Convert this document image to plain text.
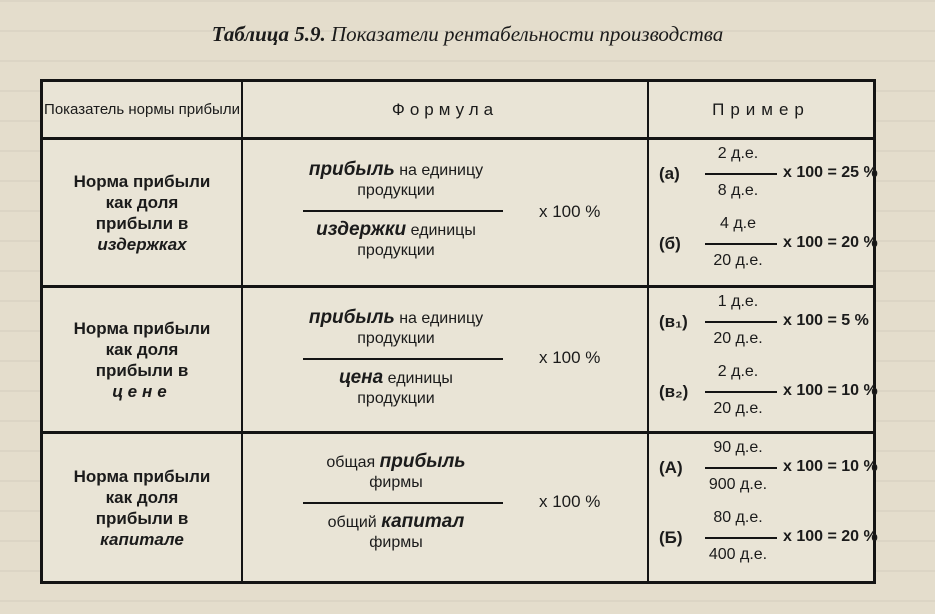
Таблица 5.9. Показатели рентабельности производства
Показатель нормы прибыли	Формула	Пример
Норма прибыли
как доля
прибыли в
издержках
прибыль на единицу
продукции
издержки единицы
продукции
x 100 %
(а)
2 д.е.
8 д.е.
x 100 = 25 %
(б)
4 д.е
20 д.е.
x 100 = 20 %
Норма прибыли
как доля
прибыли в
цене
прибыль на единицу
продукции
цена единицы
продукции
x 100 %
(в₁)
1 д.е.
20 д.е.
x 100 = 5 %
(в₂)
2 д.е.
20 д.е.
x 100 = 10 %
Норма прибыли
как доля
прибыли в
капитале
общая прибыль
фирмы
общий капитал
фирмы
x 100 %
(А)
90 д.е.
900 д.е.
x 100 = 10 %
(Б)
80 д.е.
400 д.е.
x 100 = 20 %
